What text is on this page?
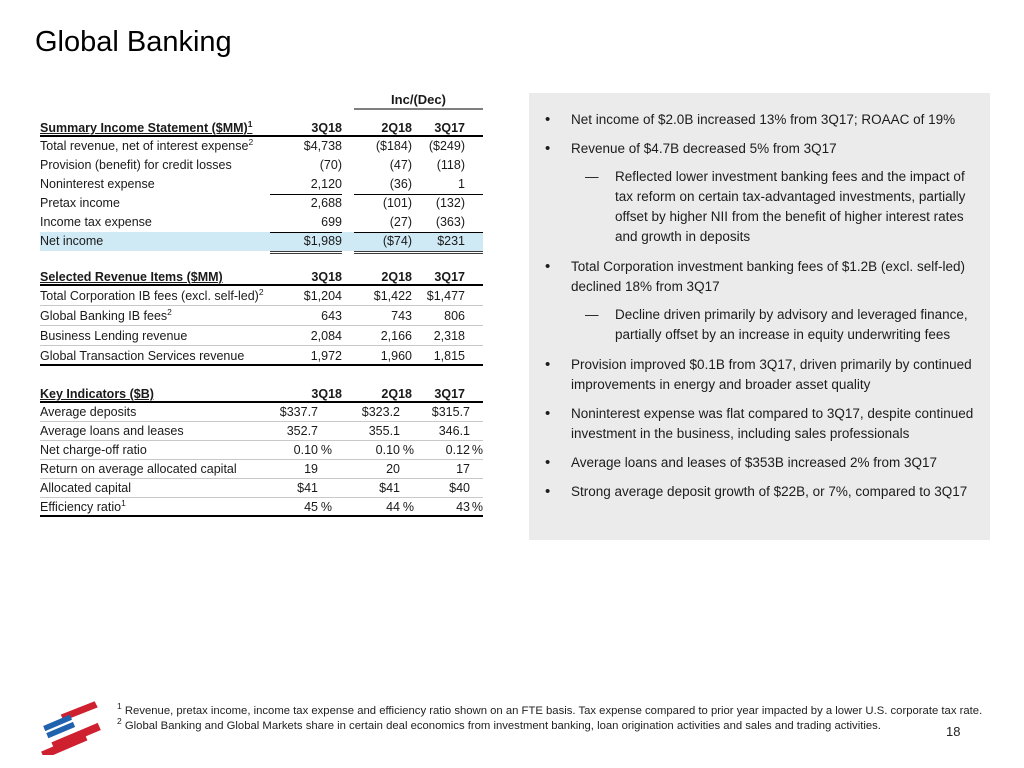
Global Banking
Inc/(Dec)
Summary Income Statement ($MM)$^1$	3Q18	2Q18	3Q17
Total revenue, net of interest expense$^2$	$4,738	($184)	($249)
Provision (benefit) for credit losses	(70)	(47)	(118)
Noninterest expense	2,120	(36)	1
Pretax income	2,688	(101)	(132)
Income tax expense	699	(27)	(363)
Net income	$1,989	($74)	$231
Selected Revenue Items ($MM)	3Q18	2Q18	3Q17
Total Corporation IB fees (excl. self-led)$^2$	$1,204	$1,422	$1,477
Global Banking IB fees$^2$	643	743	806
Business Lending revenue	2,084	2,166	2,318
Global Transaction Services revenue	1,972	1,960	1,815
Key Indicators ($B)	3Q18	2Q18	3Q17
Average deposits	$337.7	$323.2	$315.7
Average loans and leases	352.7	355.1	346.1
Net charge-off ratio	0.10 %	0.10 %	0.12 %
Return on average allocated capital	19	20	17
Allocated capital	$41	$41	$40
Efficiency ratio$^1$	45 %	44 %	43 %
•	Net income of $2.0B increased 13% from 3Q17; ROAAC of 19%
•	Revenue of $4.7B decreased 5% from 3Q17
—	Reflected lower investment banking fees and the impact of tax reform on certain tax-advantaged investments, partially offset by higher NII from the benefit of higher interest rates and growth in deposits
•	Total Corporation investment banking fees of $1.2B (excl. self-led) declined 18% from 3Q17
—	Decline driven primarily by advisory and leveraged finance, partially offset by an increase in equity underwriting fees
•	Provision improved $0.1B from 3Q17, driven primarily by continued improvements in energy and broader asset quality
•	Noninterest expense was flat compared to 3Q17, despite continued investment in the business, including sales professionals
•	Average loans and leases of $353B increased 2% from 3Q17
•	Strong average deposit growth of $22B, or 7%, compared to 3Q17
$^1$ Revenue, pretax income, income tax expense and efficiency ratio shown on an FTE basis. Tax expense compared to prior year impacted by a lower U.S. corporate tax rate.
$^2$ Global Banking and Global Markets share in certain deal economics from investment banking, loan origination activities and sales and trading activities.	18
